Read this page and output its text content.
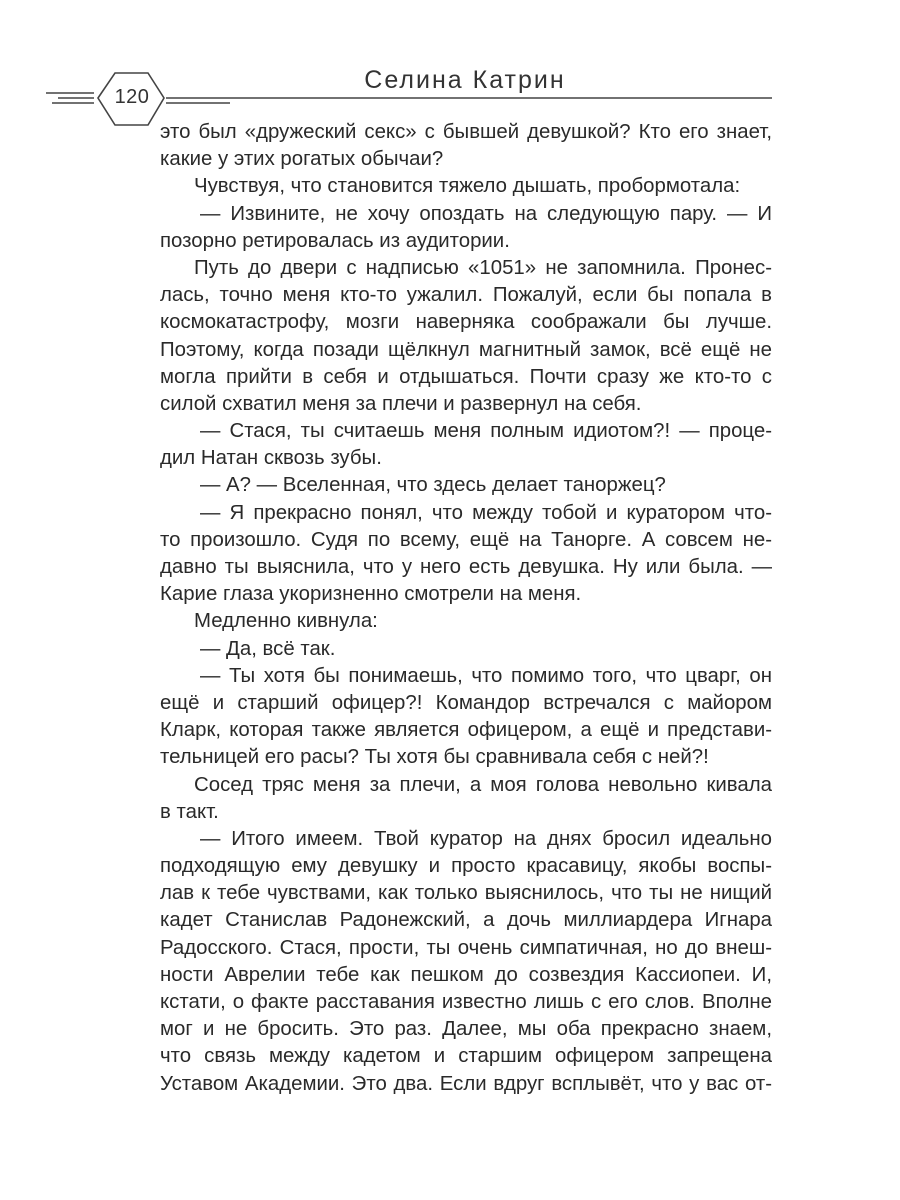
120
Селина Катрин
это был «дружеский секс» с бывшей девушкой? Кто его знает,
какие у этих рогатых обычаи?
Чувствуя, что становится тяжело дышать, пробормотала:
— Извините, не хочу опоздать на следующую пару. — И
позорно ретировалась из аудитории.
Путь до двери с надписью «1051» не запомнила. Пронес-
лась, точно меня кто-то ужалил. Пожалуй, если бы попала в
космокатастрофу, мозги наверняка соображали бы лучше.
Поэтому, когда позади щёлкнул магнитный замок, всё ещё не
могла прийти в себя и отдышаться. Почти сразу же кто-то с
силой схватил меня за плечи и развернул на себя.
— Стася, ты считаешь меня полным идиотом?! — проце-
дил Натан сквозь зубы.
— А? — Вселенная, что здесь делает таноржец?
— Я прекрасно понял, что между тобой и куратором что-
то произошло. Судя по всему, ещё на Танорге. А совсем не-
давно ты выяснила, что у него есть девушка. Ну или была. —
Карие глаза укоризненно смотрели на меня.
Медленно кивнула:
— Да, всё так.
— Ты хотя бы понимаешь, что помимо того, что цварг, он
ещё и старший офицер?! Командор встречался с майором
Кларк, которая также является офицером, а ещё и представи-
тельницей его расы? Ты хотя бы сравнивала себя с ней?!
Сосед тряс меня за плечи, а моя голова невольно кивала
в такт.
— Итого имеем. Твой куратор на днях бросил идеально
подходящую ему девушку и просто красавицу, якобы воспы-
лав к тебе чувствами, как только выяснилось, что ты не нищий
кадет Станислав Радонежский, а дочь миллиардера Игнара
Радосского. Стася, прости, ты очень симпатичная, но до внеш-
ности Аврелии тебе как пешком до созвездия Кассиопеи. И,
кстати, о факте расставания известно лишь с его слов. Вполне
мог и не бросить. Это раз. Далее, мы оба прекрасно знаем,
что связь между кадетом и старшим офицером запрещена
Уставом Академии. Это два. Если вдруг всплывёт, что у вас от-
